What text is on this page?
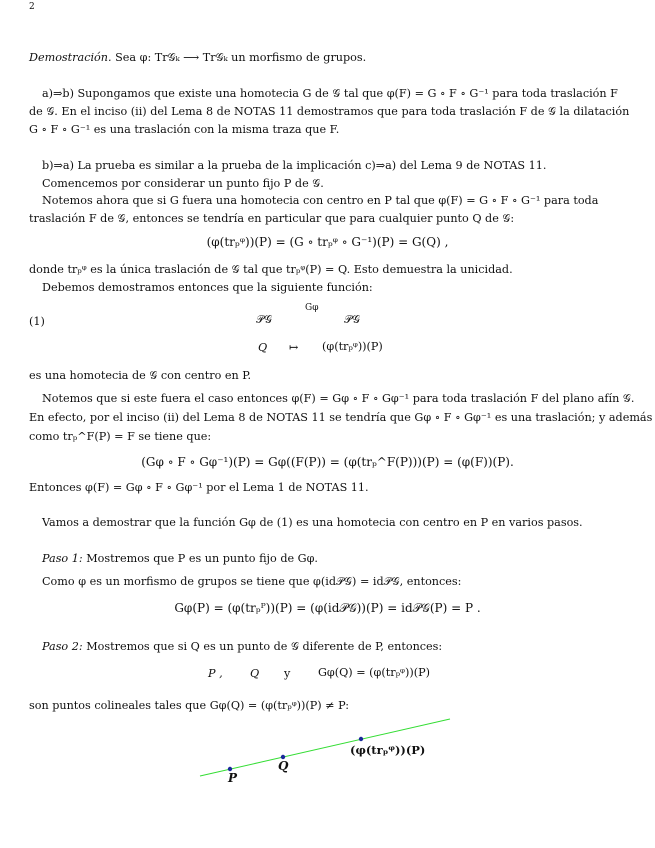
2
Demostración. Sea φ: Tr𝒢ₖ ⟶ Tr𝒢ₖ un morfismo de grupos.
a)⇒b) Supongamos que existe una homotecia G de 𝒢 tal que φ(F) = G ∘ F ∘ G⁻¹ para toda traslación F
de 𝒢. En el inciso (ii) del Lema 8 de NOTAS 11 demostramos que para toda traslación F de 𝒢 la dilatación
G ∘ F ∘ G⁻¹ es una traslación con la misma traza que F.
b)⇒a) La prueba es similar a la prueba de la implicación c)⇒a) del Lema 9 de NOTAS 11.
Comencemos por considerar un punto fijo P de 𝒢.
Notemos ahora que si G fuera una homotecia con centro en P tal que φ(F) = G ∘ F ∘ G⁻¹ para toda
traslación F de 𝒢, entonces se tendría en particular que para cualquier punto Q de 𝒢:
(φ(trₚᵠ))(P) = (G ∘ trₚᵠ ∘ G⁻¹)(P) = G(Q) ,
donde trₚᵠ es la única traslación de 𝒢 tal que trₚᵠ(P) = Q. Esto demuestra la unicidad.
Debemos demostramos entonces que la siguiente función:
(1)	𝒫𝒢
Gφ
𝒫𝒢
Q ↦ (φ(trₚᵠ))(P)
es una homotecia de 𝒢 con centro en P.
Notemos que si este fuera el caso entonces φ(F) = Gφ ∘ F ∘ Gφ⁻¹ para toda traslación F del plano afín 𝒢.
En efecto, por el inciso (ii) del Lema 8 de NOTAS 11 se tendría que Gφ ∘ F ∘ Gφ⁻¹ es una traslación; y además
como trₚ^F(P) = F se tiene que:
(Gφ ∘ F ∘ Gφ⁻¹)(P) = Gφ((F(P)) = (φ(trₚ^F(P)))(P) = (φ(F))(P).
Entonces φ(F) = Gφ ∘ F ∘ Gφ⁻¹ por el Lema 1 de NOTAS 11.
Vamos a demostrar que la función Gφ de (1) es una homotecia con centro en P en varios pasos.
Paso 1: Mostremos que P es un punto fijo de Gφ.
Como φ es un morfismo de grupos se tiene que φ(id𝒫𝒢) = id𝒫𝒢, entonces:
Gφ(P) = (φ(trₚᴾ))(P) = (φ(id𝒫𝒢))(P) = id𝒫𝒢(P) = P .
Paso 2: Mostremos que si Q es un punto de 𝒢 diferente de P, entonces:
P , Q y Gφ(Q) = (φ(trₚᵠ))(P)
son puntos colineales tales que Gφ(Q) = (φ(trₚᵠ))(P) ≠ P:
P
Q
(φ(trₚᵠ))(P)
